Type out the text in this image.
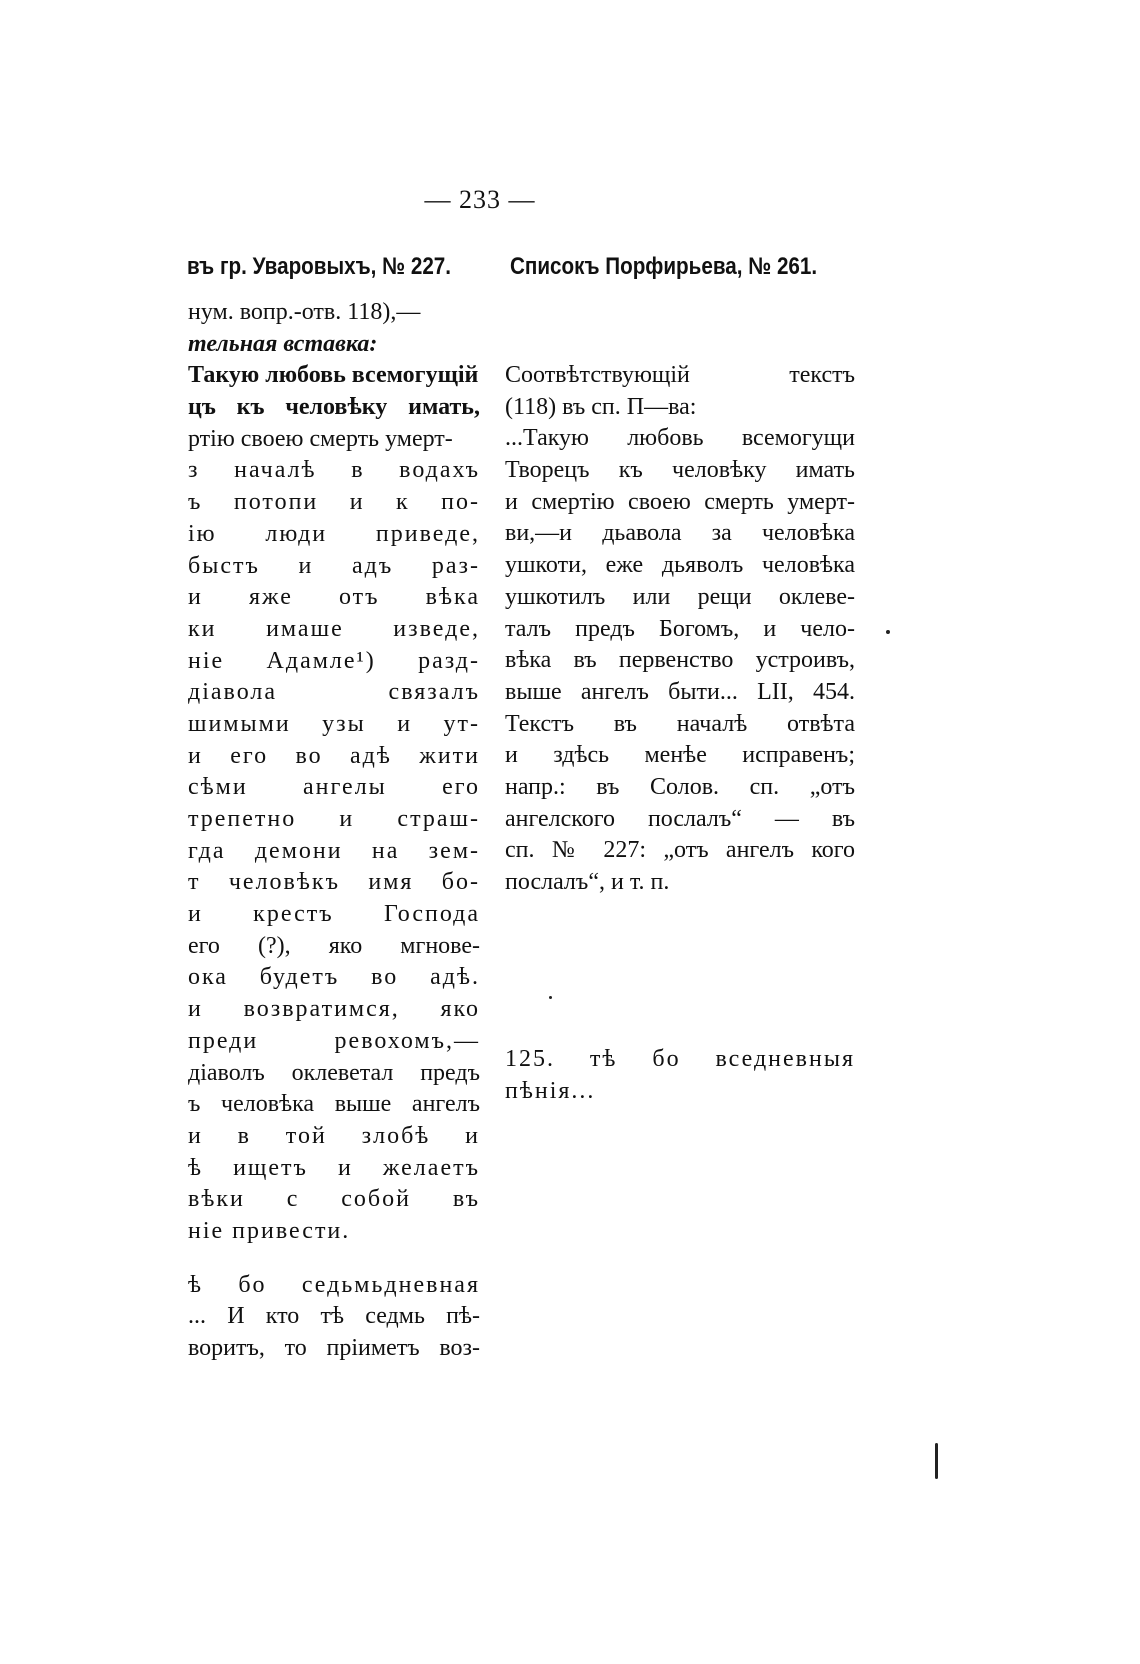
— 233 —
въ гр. Уваровыхъ, № 227. Списокъ Порфирьева, № 261.
нум. вопр.-отв. 118),—
тельная вставка:
Такую любовь всемогущій
цъ къ человѣку имать,
ртію своею смерть умерт-
з началѣ в водахъ
ъ потопи и к по-
iю люди приведе,
быстъ и адъ раз-
и яже отъ вѣка
ки имаше изведе,
ніе Адамле¹) разд-
діавола связалъ
шимыми узы и ут-
и его во адѣ жити
сѣми ангелы его
трепетно и страш-
гда демони на зем-
т человѣкъ имя бо-
и крестъ Господа
его (?), яко мгнове-
ока будетъ во адѣ.
и возвратимся, яко
преди ревохомъ,—
діаволъ оклеветал предъ
ъ человѣка выше ангелъ
и в той злобѣ и
ѣ ищетъ и желаетъ
вѣки с собой въ
ніе привести.
ѣ бо седьмьдневная
... И кто тѣ седмь пѣ-
воритъ, то пріиметъ воз-
Соотвѣтствующій текстъ
(118) въ сп. П—ва:
...Такую любовь всемогущи
Творецъ къ человѣку имать
и смертію своею смерть умерт-
ви,—и дьавола за человѣка
ушкоти, еже дьяволъ человѣка
ушкотилъ или рещи оклеве-
талъ предъ Богомъ, и чело-
вѣка въ первенство устроивъ,
выше ангелъ быти... LII, 454.
Текстъ въ началѣ отвѣта
и здѣсь менѣе исправенъ;
напр.: въ Солов. сп. „отъ
ангелского послалъ“ — въ
сп. № 227: „отъ ангелъ кого
послалъ“, и т. п.
125. тѣ бо вседневныя
пѣнія...
